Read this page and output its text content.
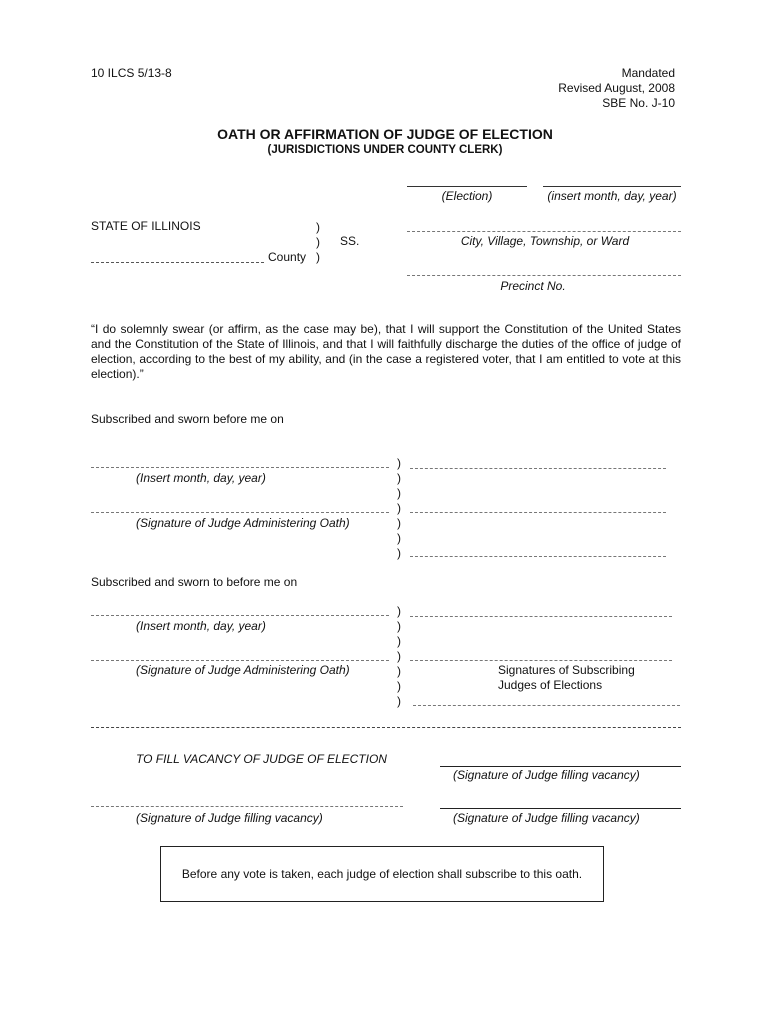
10 ILCS 5/13-8	Mandated
Revised August, 2008
SBE No. J-10
OATH OR AFFIRMATION OF JUDGE OF ELECTION
(JURISDICTIONS UNDER COUNTY CLERK)
(Election)	(insert month, day, year)
STATE OF ILLINOIS	)
)
)
SS.
County
City, Village, Township, or Ward
Precinct No.
“I do solemnly swear (or affirm, as the case may be), that I will support the Constitution of the United States and the Constitution of the State of Illinois, and that I will faithfully discharge the duties of the office of judge of election, according to the best of my ability, and (in the case a registered voter, that I am entitled to vote at this election).”
Subscribed and sworn before me on
(Insert month, day, year)
(Signature of Judge Administering Oath)
)
)
)
)
)
)
)
Subscribed and sworn to before me on
(Insert month, day, year)
(Signature of Judge Administering Oath)
)
)
)
)
)
)
)
Signatures of Subscribing
Judges of Elections
TO FILL VACANCY OF JUDGE OF ELECTION
(Signature of Judge filling vacancy)
(Signature of Judge filling vacancy)	(Signature of Judge filling vacancy)
Before any vote is taken, each judge of election shall subscribe to this oath.
